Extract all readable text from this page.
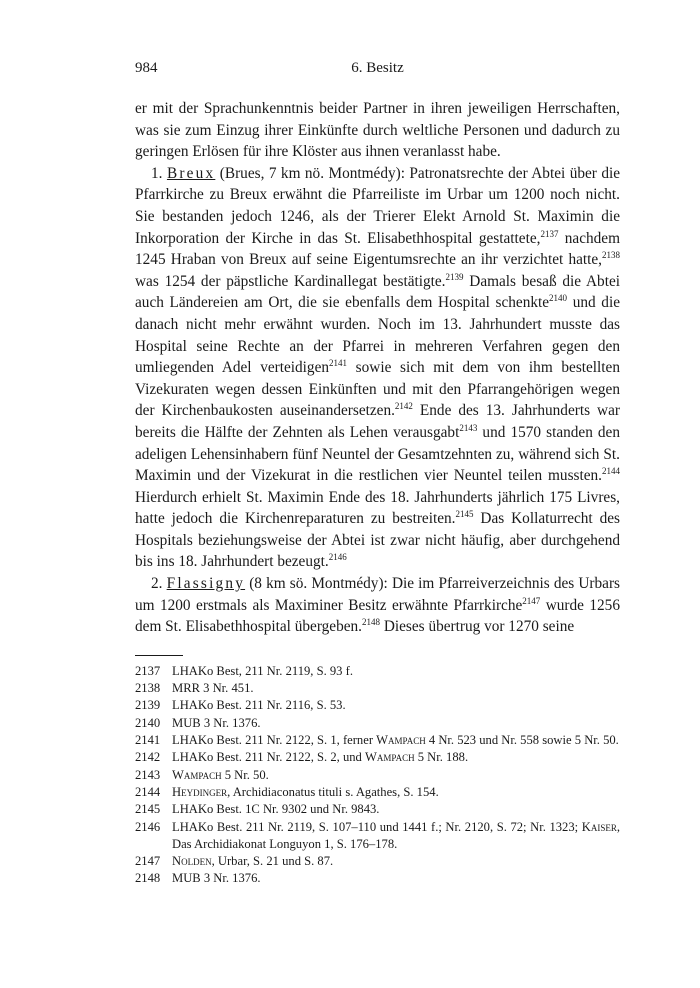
984	6. Besitz

er mit der Sprachunkenntnis beider Partner in ihren jeweiligen Herrschaften, was sie zum Einzug ihrer Einkünfte durch weltliche Personen und dadurch zu geringen Erlösen für ihre Klöster aus ihnen veranlasst habe.

1. Breux (Brues, 7 km nö. Montmédy): Patronatsrechte der Abtei über die Pfarrkirche zu Breux erwähnt die Pfarreiliste im Urbar um 1200 noch nicht. Sie bestanden jedoch 1246, als der Trierer Elekt Arnold St. Maximin die Inkorporation der Kirche in das St. Elisabethhospital gestattete,$^{2137}$ nachdem 1245 Hraban von Breux auf seine Eigentumsrechte an ihr verzichtet hatte,$^{2138}$ was 1254 der päpstliche Kardinallegat bestätigte.$^{2139}$ Damals besaß die Abtei auch Ländereien am Ort, die sie ebenfalls dem Hospital schenkte$^{2140}$ und die danach nicht mehr erwähnt wurden. Noch im 13. Jahrhundert musste das Hospital seine Rechte an der Pfarrei in mehreren Verfahren gegen den umliegenden Adel verteidigen$^{2141}$ sowie sich mit dem von ihm bestellten Vizekuraten wegen dessen Einkünften und mit den Pfarrangehörigen wegen der Kirchenbaukosten auseinandersetzen.$^{2142}$ Ende des 13. Jahrhunderts war bereits die Hälfte der Zehnten als Lehen verausgabt$^{2143}$ und 1570 standen den adeligen Lehensinhabern fünf Neuntel der Gesamtzehnten zu, während sich St. Maximin und der Vizekurat in die restlichen vier Neuntel teilen mussten.$^{2144}$ Hierdurch erhielt St. Maximin Ende des 18. Jahrhunderts jährlich 175 Livres, hatte jedoch die Kirchenreparaturen zu bestreiten.$^{2145}$ Das Kollaturrecht des Hospitals beziehungsweise der Abtei ist zwar nicht häufig, aber durchgehend bis ins 18. Jahrhundert bezeugt.$^{2146}$

2. Flassigny (8 km sö. Montmédy): Die im Pfarreiverzeichnis des Urbars um 1200 erstmals als Maximiner Besitz erwähnte Pfarrkirche$^{2147}$ wurde 1256 dem St. Elisabethhospital übergeben.$^{2148}$ Dieses übertrug vor 1270 seine

2137 LHAKo Best, 211 Nr. 2119, S. 93 f.
2138 MRR 3 Nr. 451.
2139 LHAKo Best. 211 Nr. 2116, S. 53.
2140 MUB 3 Nr. 1376.
2141 LHAKo Best. 211 Nr. 2122, S. 1, ferner Wampach 4 Nr. 523 und Nr. 558 sowie 5 Nr. 50.
2142 LHAKo Best. 211 Nr. 2122, S. 2, und Wampach 5 Nr. 188.
2143 Wampach 5 Nr. 50.
2144 Heydinger, Archidiaconatus tituli s. Agathes, S. 154.
2145 LHAKo Best. 1C Nr. 9302 und Nr. 9843.
2146 LHAKo Best. 211 Nr. 2119, S. 107–110 und 1441 f.; Nr. 2120, S. 72; Nr. 1323; Kaiser, Das Archidiakonat Longuyon 1, S. 176–178.
2147 Nolden, Urbar, S. 21 und S. 87.
2148 MUB 3 Nr. 1376.
